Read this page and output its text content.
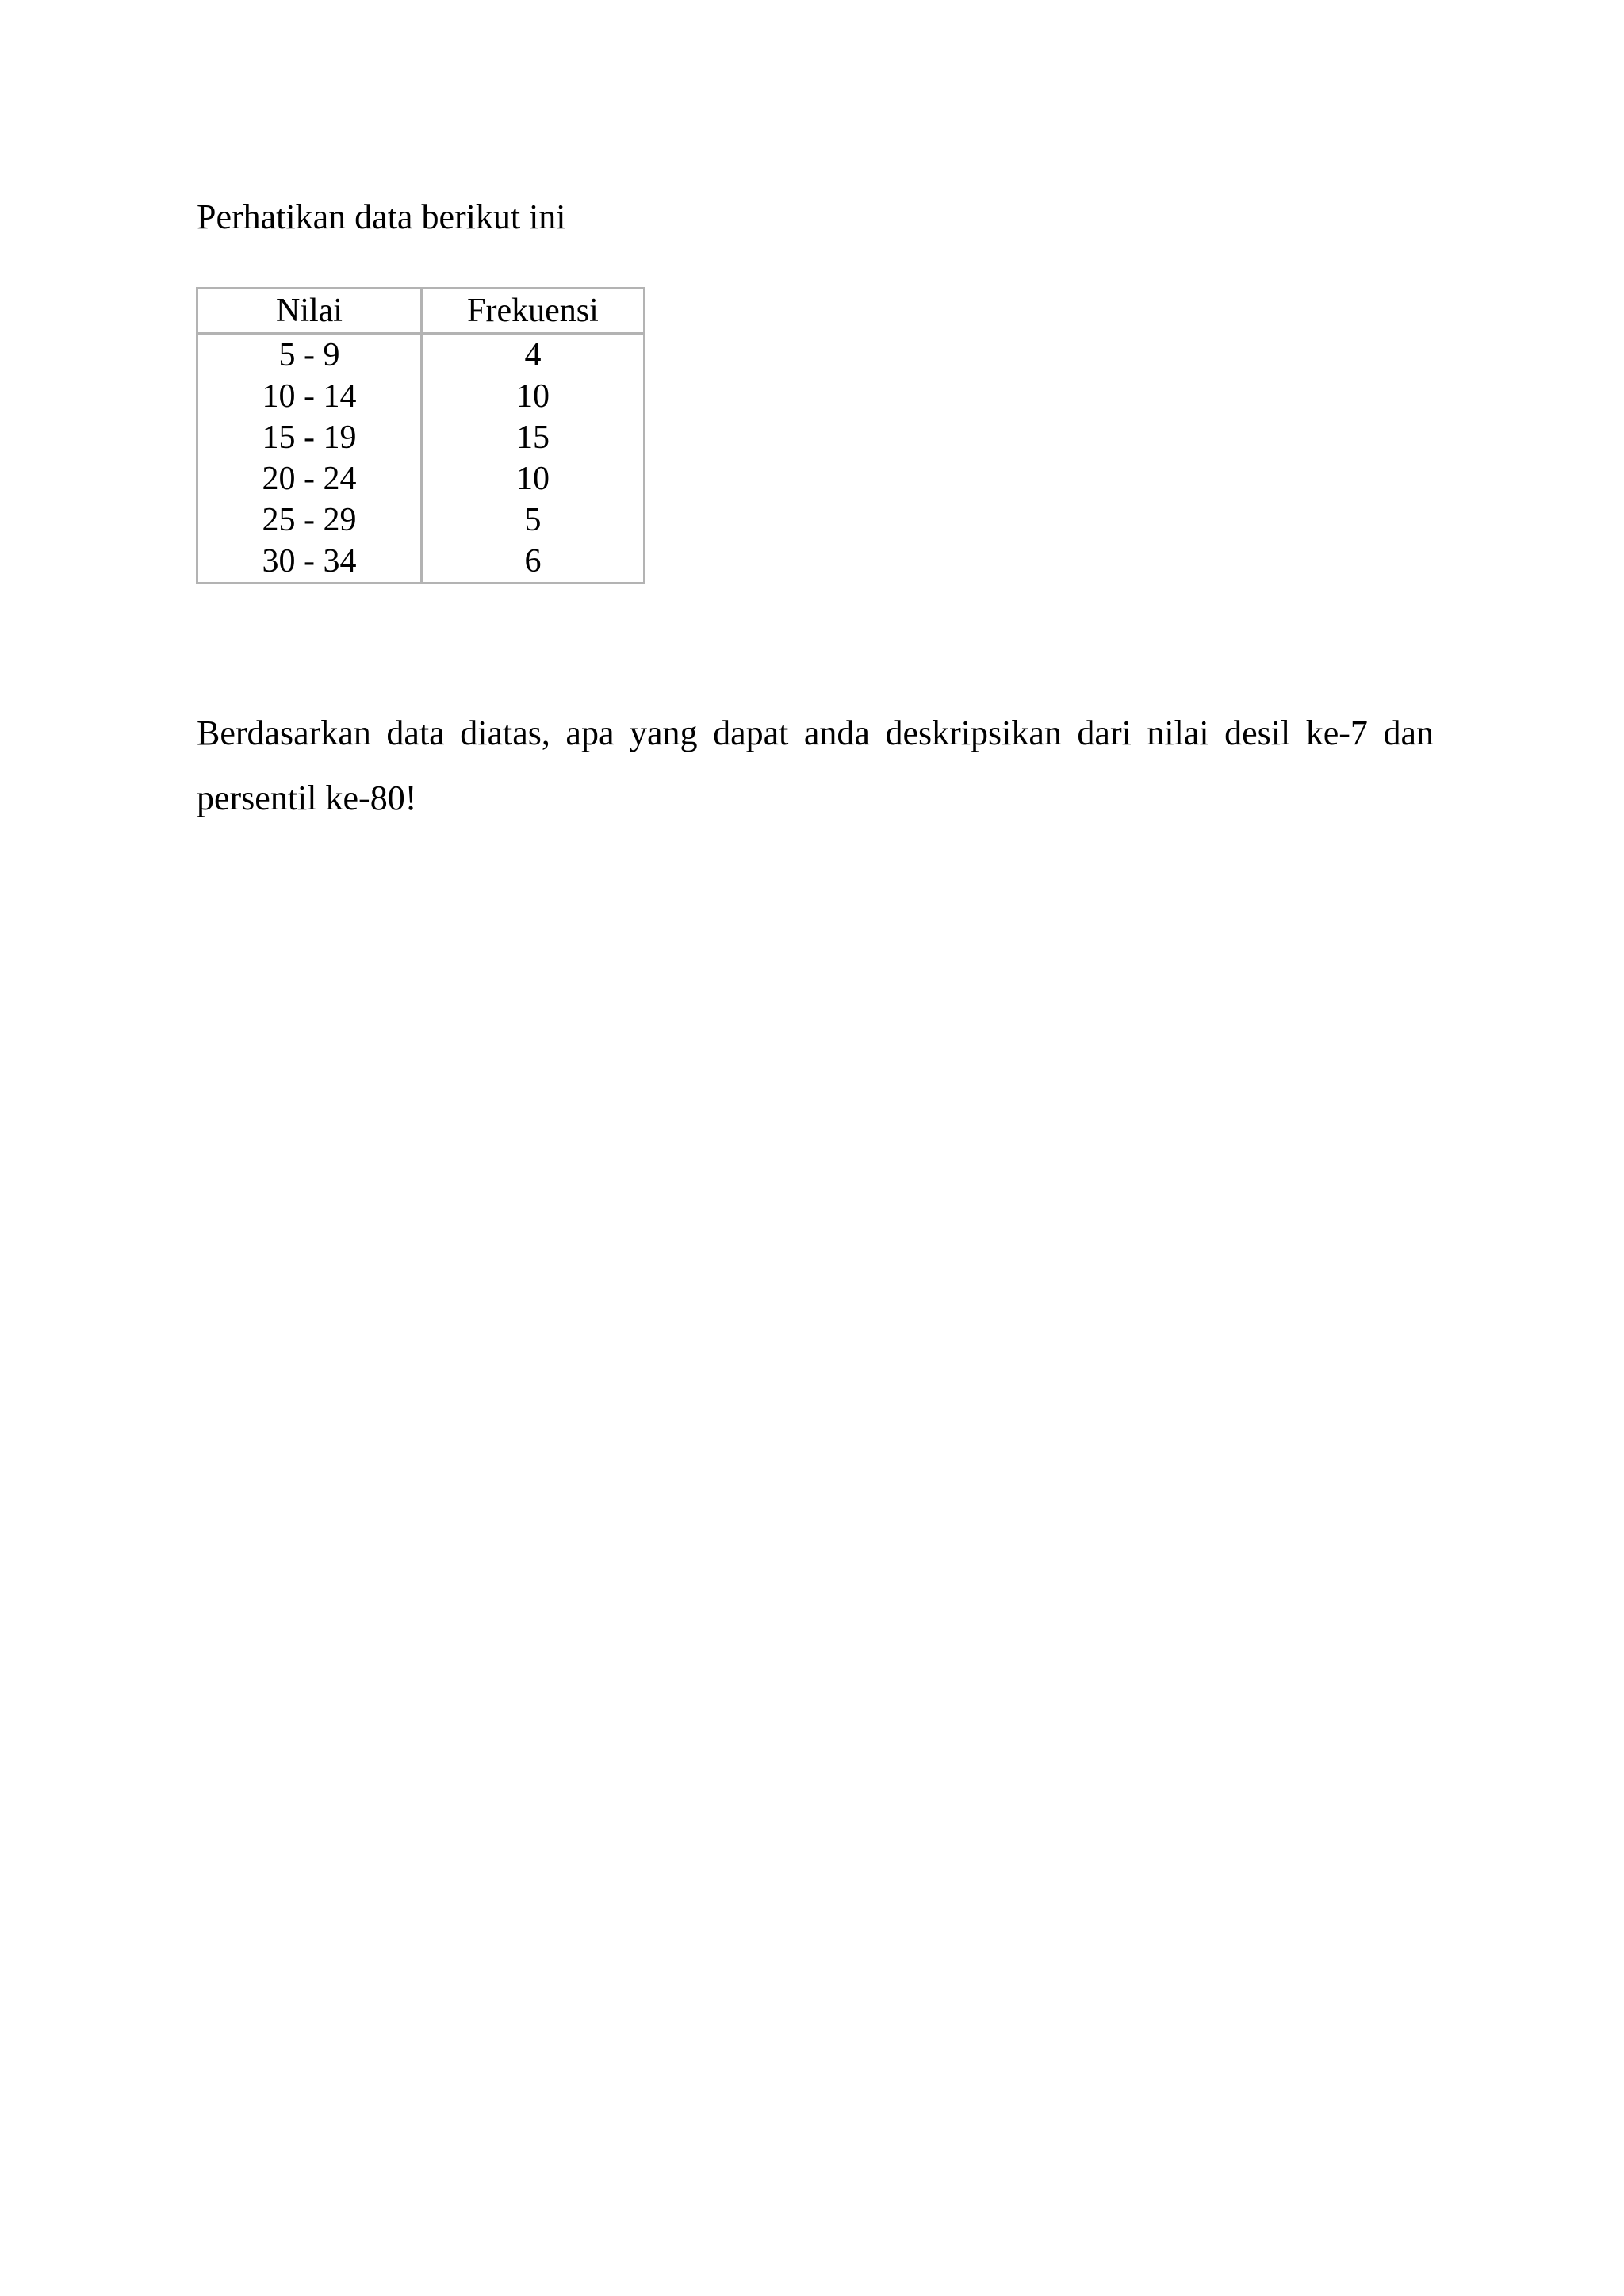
Perhatikan data berikut ini
Nilai	Frekuensi
5 - 9	4
10 - 14	10
15 - 19	15
20 - 24	10
25 - 29	5
30 - 34	6

Berdasarkan data diatas, apa yang dapat anda deskripsikan dari nilai desil ke-7 dan persentil ke-80!
